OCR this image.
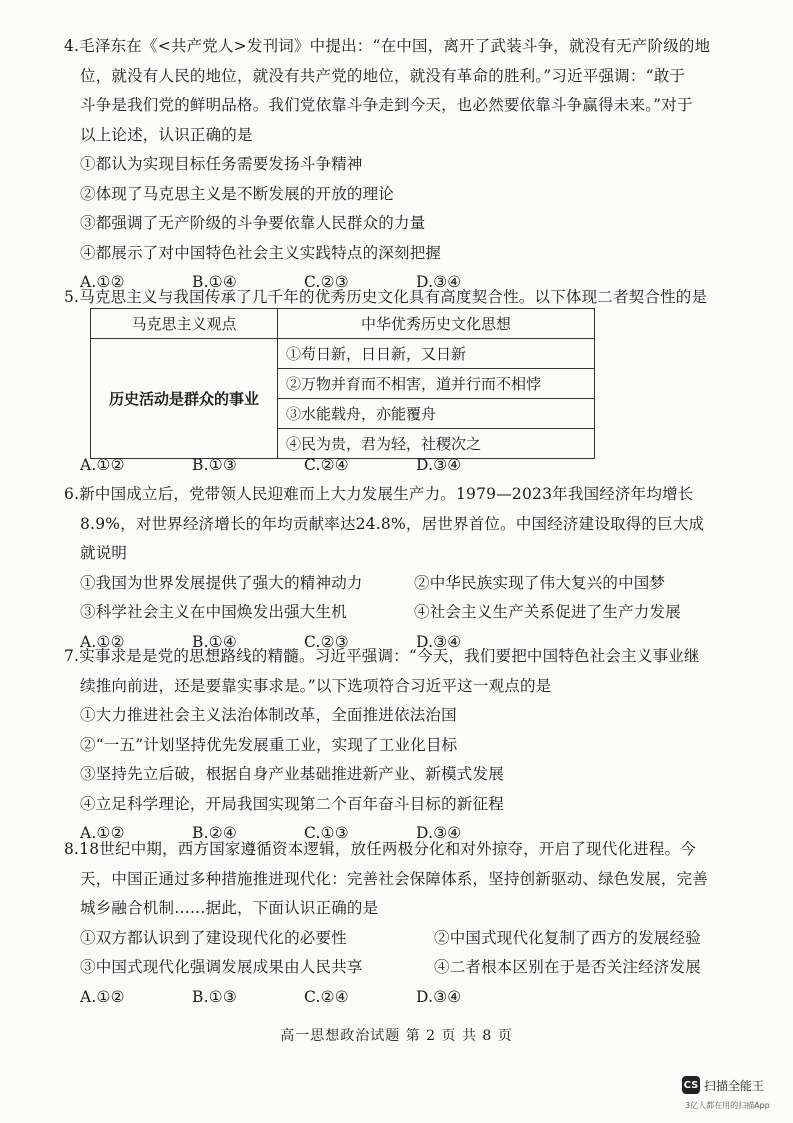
4.毛泽东在《<共产党人>发刊词》中提出：“在中国，离开了武装斗争，就没有无产阶级的地

位，就没有人民的地位，就没有共产党的地位，就没有革命的胜利。”习近平强调：“敢于

斗争是我们党的鲜明品格。我们党依靠斗争走到今天，也必然要依靠斗争赢得未来。”对于

以上论述，认识正确的是

①都认为实现目标任务需要发扬斗争精神

②体现了马克思主义是不断发展的开放的理论

③都强调了无产阶级的斗争要依靠人民群众的力量

④都展示了对中国特色社会主义实践特点的深刻把握

A.①②	B.①④	C.②③	D.③④

5.马克思主义与我国传承了几千年的优秀历史文化具有高度契合性。以下体现二者契合性的是

马克思主义观点	中华优秀历史文化思想
历史活动是群众的事业	①苟日新，日日新，又日新
	②万物并育而不相害，道并行而不相悖
	③水能载舟，亦能覆舟
	④民为贵，君为轻，社稷次之
A.①②	B.①③	C.②④	D.③④

6.新中国成立后，党带领人民迎难而上大力发展生产力。1979—2023年我国经济年均增长

8.9%，对世界经济增长的年均贡献率达24.8%，居世界首位。中国经济建设取得的巨大成

就说明

①我国为世界发展提供了强大的精神动力	②中华民族实现了伟大复兴的中国梦
③科学社会主义在中国焕发出强大生机	④社会主义生产关系促进了生产力发展
A.①②	B.①④	C.②③	D.③④

7.实事求是是党的思想路线的精髓。习近平强调：“今天，我们要把中国特色社会主义事业继

续推向前进，还是要靠实事求是。”以下选项符合习近平这一观点的是

①大力推进社会主义法治体制改革，全面推进依法治国

②“一五”计划坚持优先发展重工业，实现了工业化目标

③坚持先立后破，根据自身产业基础推进新产业、新模式发展

④立足科学理论，开局我国实现第二个百年奋斗目标的新征程

A.①②	B.②④	C.①③	D.③④

8.18世纪中期，西方国家遵循资本逻辑，放任两极分化和对外掠夺，开启了现代化进程。今

天，中国正通过多种措施推进现代化：完善社会保障体系，坚持创新驱动、绿色发展，完善

城乡融合机制……据此，下面认识正确的是

①双方都认识到了建设现代化的必要性	②中国式现代化复制了西方的发展经验
③中国式现代化强调发展成果由人民共享	④二者根本区别在于是否关注经济发展
A.①②	B.①③	C.②④	D.③④
高一思想政治试题 第 2 页 共 8 页
CS 扫描全能王
3亿人都在用的扫描App
